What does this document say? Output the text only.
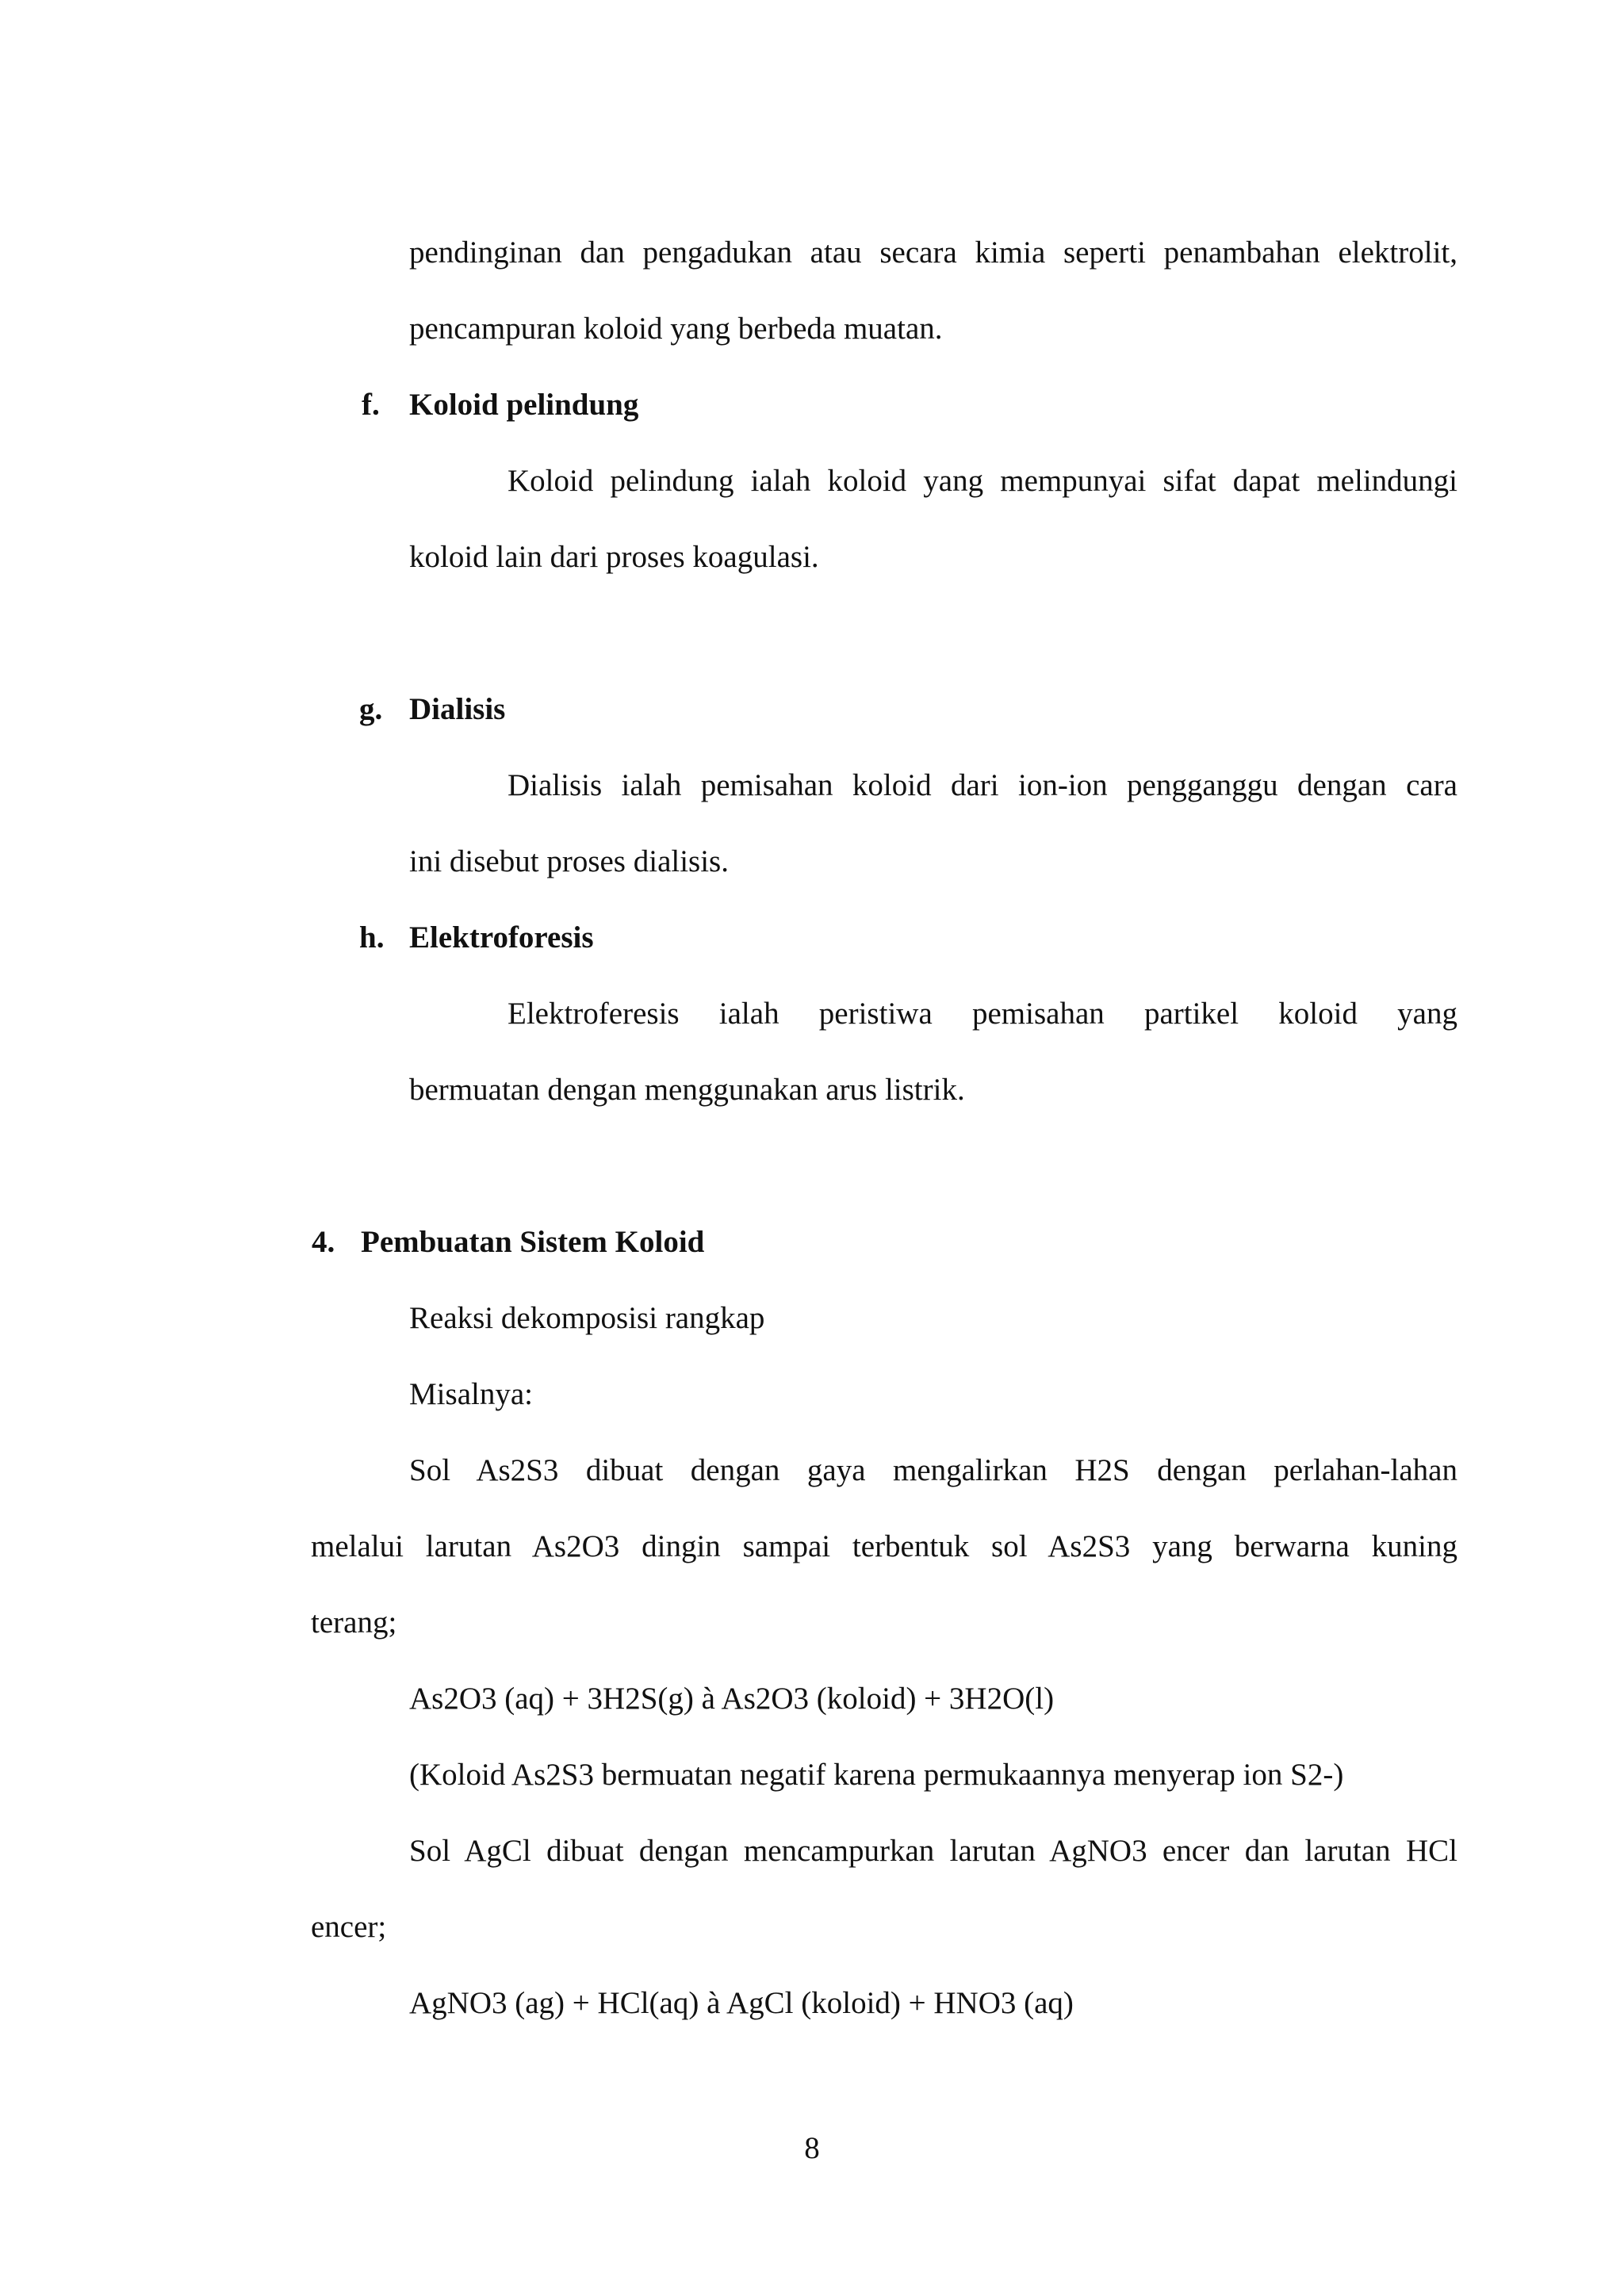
pendinginan dan pengadukan atau secara kimia seperti penambahan elektrolit,
pencampuran koloid yang berbeda muatan.
f. Koloid pelindung
Koloid pelindung ialah koloid yang mempunyai sifat dapat melindungi
koloid lain dari proses koagulasi.
g. Dialisis
Dialisis ialah pemisahan koloid dari ion-ion pengganggu dengan cara
ini disebut proses dialisis.
h. Elektroforesis
Elektroferesis ialah peristiwa pemisahan partikel koloid yang
bermuatan dengan menggunakan arus listrik.
4. Pembuatan Sistem Koloid
Reaksi dekomposisi rangkap
Misalnya:
Sol As2S3 dibuat dengan gaya mengalirkan H2S dengan perlahan-lahan
melalui larutan As2O3 dingin sampai terbentuk sol As2S3 yang berwarna kuning
terang;
As2O3 (aq) + 3H2S(g) à As2O3 (koloid) + 3H2O(l)
(Koloid As2S3 bermuatan negatif karena permukaannya menyerap ion S2-)
Sol AgCl dibuat dengan mencampurkan larutan AgNO3 encer dan larutan HCl
encer;
AgNO3 (ag) + HCl(aq) à AgCl (koloid) + HNO3 (aq)
8
